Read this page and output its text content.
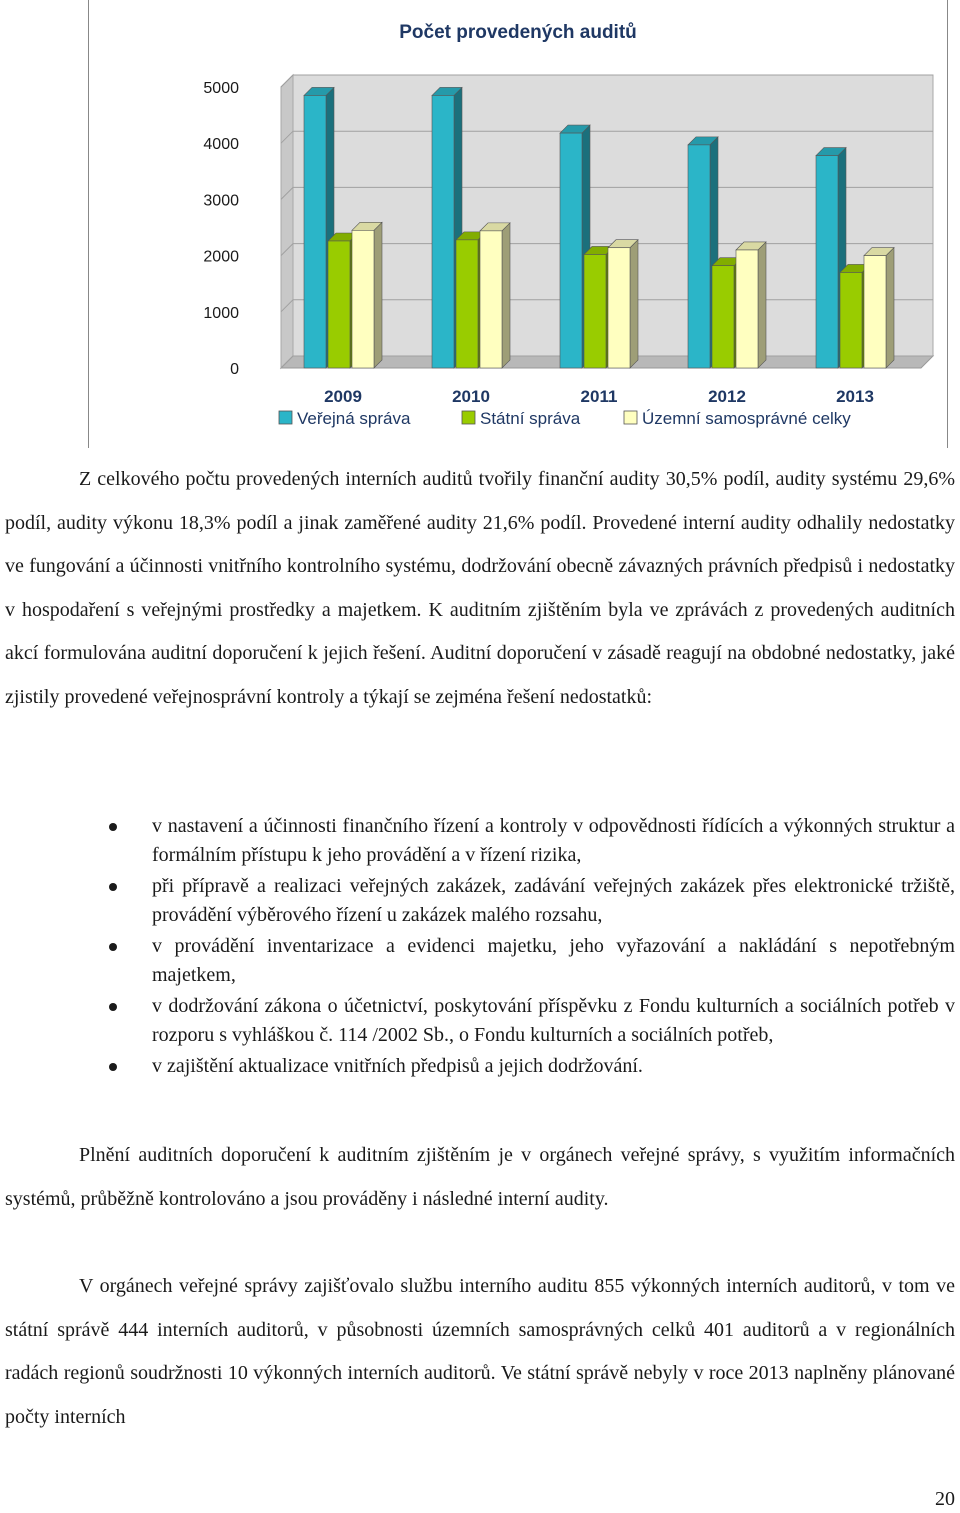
Počet provedených auditů
0
1000
2000
3000
4000
5000
2009	2010	2011	2012	2013
Veřejná správa	Státní správa	Územní samosprávné celky

Z celkového počtu provedených interních auditů tvořily finanční audity 30,5% podíl, audity systému 29,6% podíl, audity výkonu 18,3% podíl a jinak zaměřené audity 21,6% podíl. Provedené interní audity odhalily nedostatky ve fungování a účinnosti vnitřního kontrolního systému, dodržování obecně závazných právních předpisů i nedostatky v hospodaření s veřejnými prostředky a majetkem. K auditním zjištěním byla ve zprávách z provedených auditních akcí formulována auditní doporučení k jejich řešení. Auditní doporučení v zásadě reagují na obdobné nedostatky, jaké zjistily provedené veřejnosprávní kontroly a týkají se zejména řešení nedostatků:

v nastavení a účinnosti finančního řízení a kontroly v odpovědnosti řídících a výkonných struktur a formálním přístupu k jeho provádění a v řízení rizika,
při přípravě a realizaci veřejných zakázek, zadávání veřejných zakázek přes elektronické tržiště, provádění výběrového řízení u zakázek malého rozsahu,
v provádění inventarizace a evidenci majetku, jeho vyřazování a nakládání s nepotřebným majetkem,
v dodržování zákona o účetnictví, poskytování příspěvku z Fondu kulturních a sociálních potřeb v rozporu s vyhláškou č. 114 /2002 Sb., o Fondu kulturních a sociálních potřeb,
v zajištění aktualizace vnitřních předpisů a jejich dodržování.

Plnění auditních doporučení k auditním zjištěním je v orgánech veřejné správy, s využitím informačních systémů, průběžně kontrolováno a jsou prováděny i následné interní audity.

V orgánech veřejné správy zajišťovalo službu interního auditu 855 výkonných interních auditorů, v tom ve státní správě 444 interních auditorů, v působnosti územních samosprávných celků 401 auditorů a v regionálních radách regionů soudržnosti 10 výkonných interních auditorů. Ve státní správě nebyly v roce 2013 naplněny plánované počty interních

20
